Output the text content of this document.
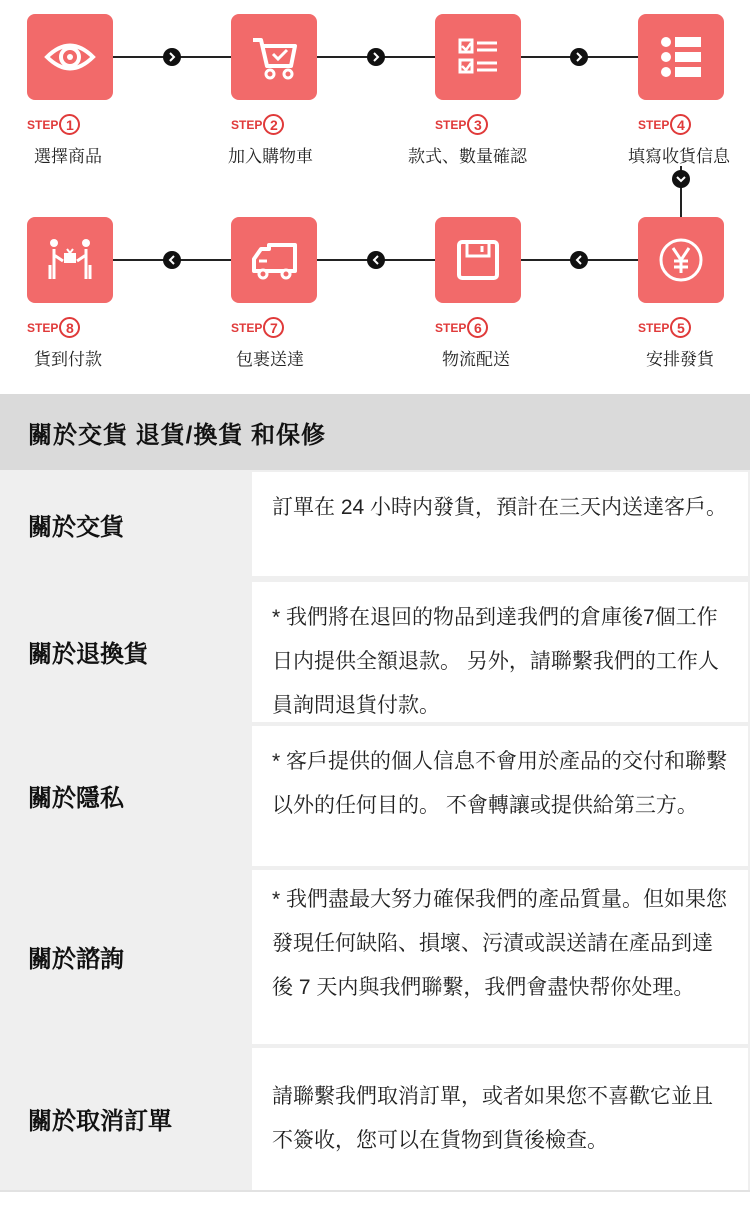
STEP 1
選擇商品
STEP 2
加入購物車
STEP 3
款式、數量確認
STEP 4
填寫收貨信息
STEP 5
安排發貨
STEP 6
物流配送
STEP 7
包裹送達
STEP 8
貨到付款
關於交貨 退貨/換貨 和保修
關於交貨
訂單在 24 小時内發貨，預計在三天内送達客戶。
關於退換貨
* 我們將在退回的物品到達我們的倉庫後7個工作日内提供全額退款。 另外，請聯繫我們的工作人員詢問退貨付款。
關於隱私
* 客戶提供的個人信息不會用於產品的交付和聯繫以外的任何目的。 不會轉讓或提供給第三方。
關於諮詢
* 我們盡最大努力確保我們的產品質量。但如果您發現任何缺陷、損壞、污漬或誤送請在產品到達後 7 天内與我們聯繫，我們會盡快帮你处理。
關於取消訂單
請聯繫我們取消訂單，或者如果您不喜歡它並且不簽收，您可以在貨物到貨後檢查。
